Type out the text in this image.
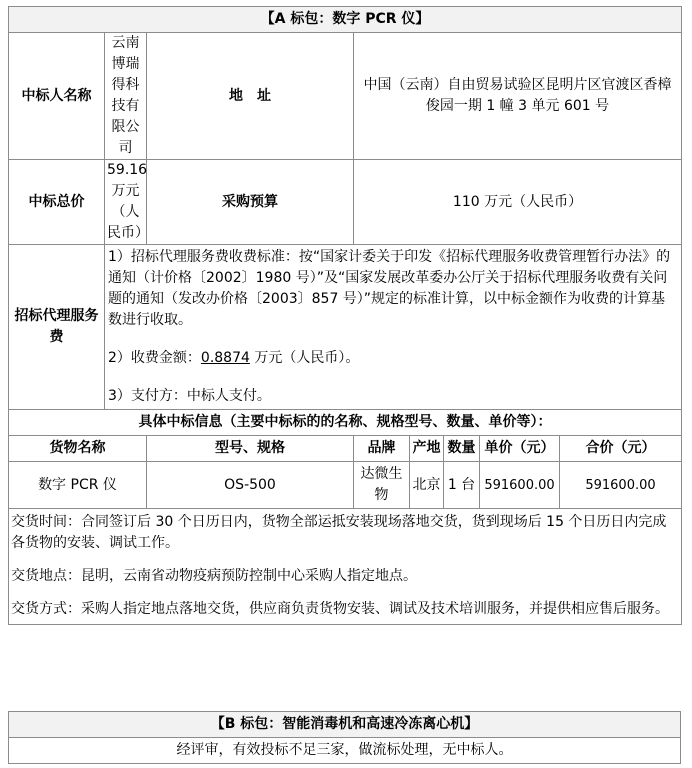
【A 标包：数字 PCR 仪】							
中标人名称	云南博瑞得科技有限公司	地　址	中国（云南）自由贸易试验区昆明片区官渡区香樟俊园一期 1 幢 3 单元 601 号				
中标总价	59.16万元（人民币）	采购预算	110 万元（人民币）				
招标代理服务费	1）招标代理服务费收费标准：按“国家计委关于印发《招标代理服务收费管理暂行办法》的通知（计价格〔2002〕1980 号）”及“国家发展改革委办公厅关于招标代理服务收费有关问题的通知（发改办价格〔2003〕857 号）”规定的标准计算，以中标金额作为收费的计算基数进行收取。

2）收费金额：0.8874 万元（人民币）。

3）支付方：中标人支付。						

具体中标信息（主要中标标的的名称、规格型号、数量、单价等）：							
货物名称		型号、规格	品牌	产地	数量	单价（元）	合价（元）
数字 PCR 仪		OS-500	达微生物	北京	1 台	591600.00	591600.00

交货时间：合同签订后 30 个日历日内，货物全部运抵安装现场落地交货，货到现场后 15 个日历日内完成各货物的安装、调试工作。

交货地点：昆明，云南省动物疫病预防控制中心采购人指定地点。

交货方式：采购人指定地点落地交货，供应商负责货物安装、调试及技术培训服务，并提供相应售后服务。							

【B 标包：智能消毒机和高速冷冻离心机】
经评审，有效投标不足三家，做流标处理，无中标人。
